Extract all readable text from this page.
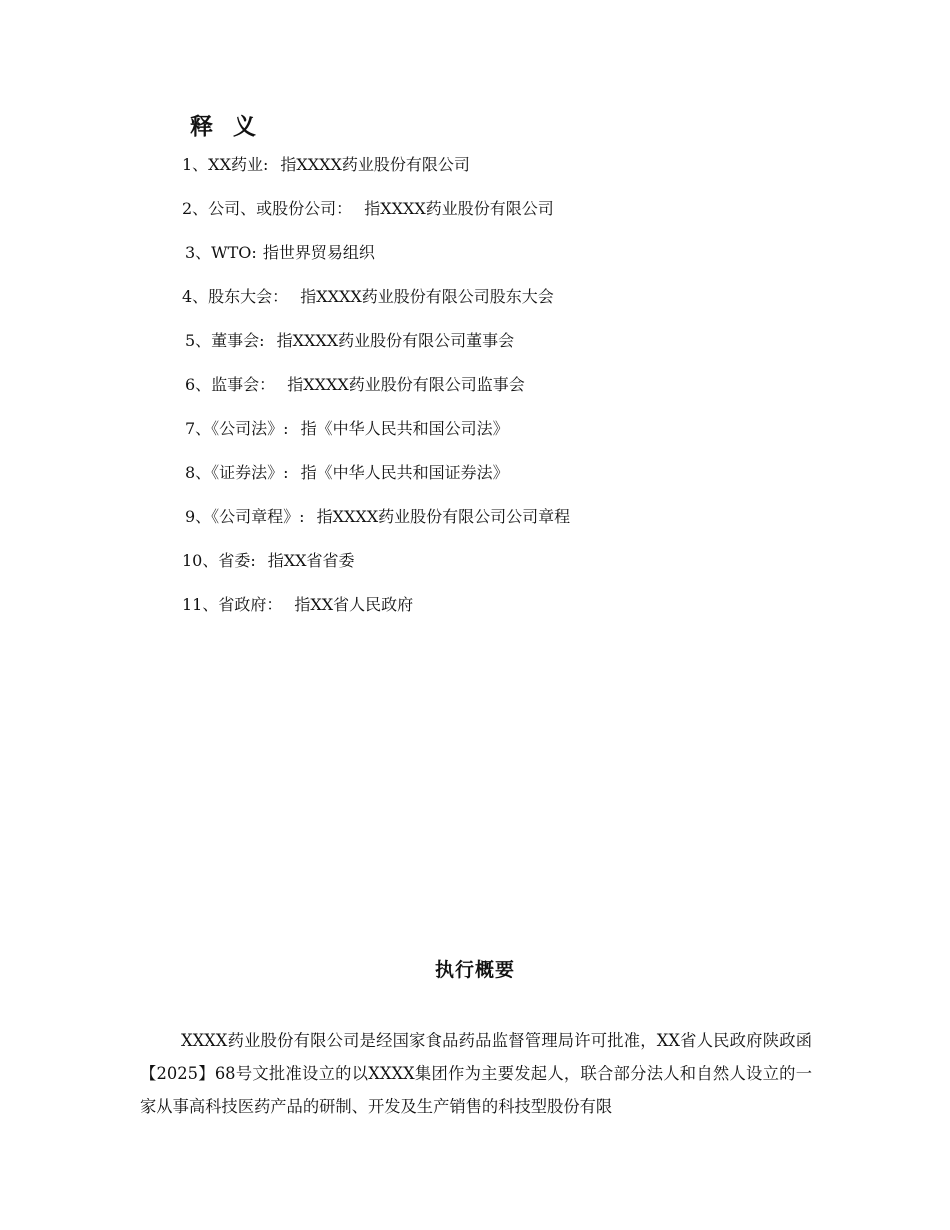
释 义
1、XX药业: 指XXXX药业股份有限公司
2、公司、或股份公司： 指XXXX药业股份有限公司
3、WTO: 指世界贸易组织
4、股东大会： 指XXXX药业股份有限公司股东大会
5、董事会: 指XXXX药业股份有限公司董事会
6、监事会： 指XXXX药业股份有限公司监事会
7、《公司法》: 指《中华人民共和国公司法》
8、《证券法》: 指《中华人民共和国证券法》
9、《公司章程》: 指XXXX药业股份有限公司公司章程
10、省委: 指XX省省委
11、省政府： 指XX省人民政府
执行概要

XXXX药业股份有限公司是经国家食品药品监督管理局许可批准，XX省人民政府陕政函【2025】68号文批准设立的以XXXX集团作为主要发起人，联合部分法人和自然人设立的一家从事高科技医药产品的研制、开发及生产销售的科技型股份有限
